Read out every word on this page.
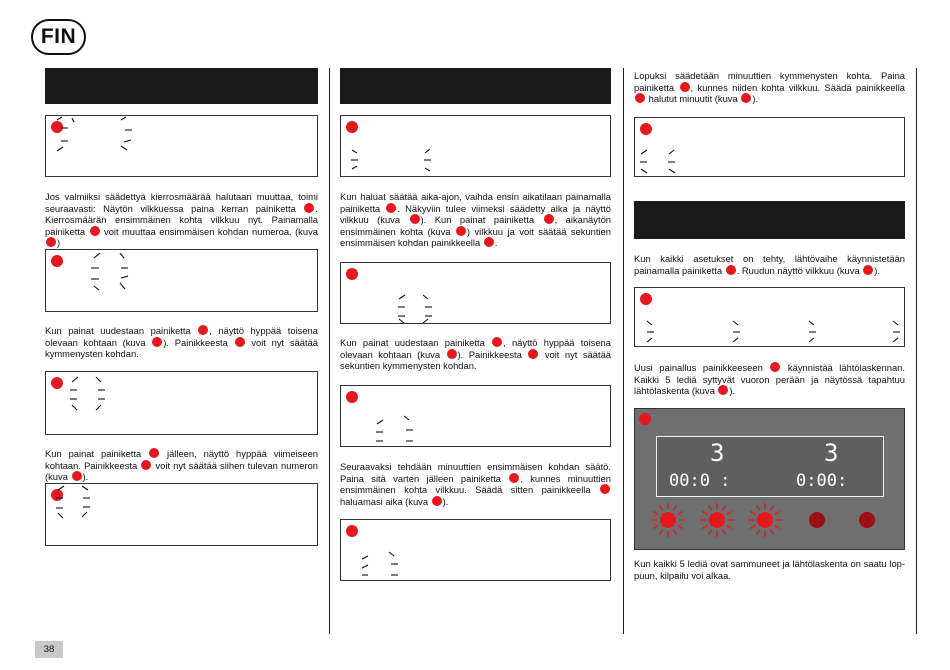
FIN

Jos valmiiksi säädettyä kierrosmäärää halutaan muuttaa, toimi seuraavasti: Näytön vilkkuessa paina kerran painiketta . Kierrosmäärän ensimmäinen kohta vilkkuu nyt. Painamalla painiketta  voit muuttaa ensimmäisen kohdan numeroa. (kuva )

Kun painat uudestaan painiketta , näyttö hyppää toisena olevaan kohtaan (kuva ). Painikkeesta  voit nyt säätää kymmenysten kohdan.

Kun painat painiketta  jälleen, näyttö hyppää viimeiseen kohtaan. Painikkeesta  voit nyt säätää siihen tulevan numeron (kuva ).

Kun haluat säätää aika-ajon, vaihda ensin aikatilaan painamalla painiketta . Näkyviin tulee viimeksi säädetty aika ja näyttö vilkkuu (kuva ). Kun painat painiketta , aikanäytön ensimmäinen kohta (kuva ) vilkkuu ja voit säätää sekuntien ensimmäisen kohdan painikkeella .

Kun painat uudestaan painiketta , näyttö hyppää toisena olevaan kohtaan (kuva ). Painikkeesta  voit nyt säätää sekuntien kymmenysten kohdan.

Seuraavaksi tehdään minuuttien ensimmäisen kohdan säätö. Paina sitä varten jälleen painiketta , kunnes minuuttien ensimmäinen kohta vilkkuu. Säädä sitten painikkeella  haluamasi aika (kuva ).

Lopuksi säädetään minuuttien kymmenysten kohta. Paina painiketta , kunnes niiden kohta vilkkuu. Säädä painikkeella  halutut minuutit (kuva ).

Kun kaikki asetukset on tehty, lähtövaihe käynnistetään painamalla painiketta . Ruudun näyttö vilkkuu (kuva ).

Uusi painallus painikkeeseen  käynnistää lähtölaskennan. Kaikki 5 lediä syttyvät vuoron perään ja näytössä tapahtuu lähtölaskenta (kuva ).

3	3
00:0 :	0:00:

Kun kaikki 5 lediä ovat sammuneet ja lähtölaskenta on saatu loppuun, kilpailu voi alkaa.

38
